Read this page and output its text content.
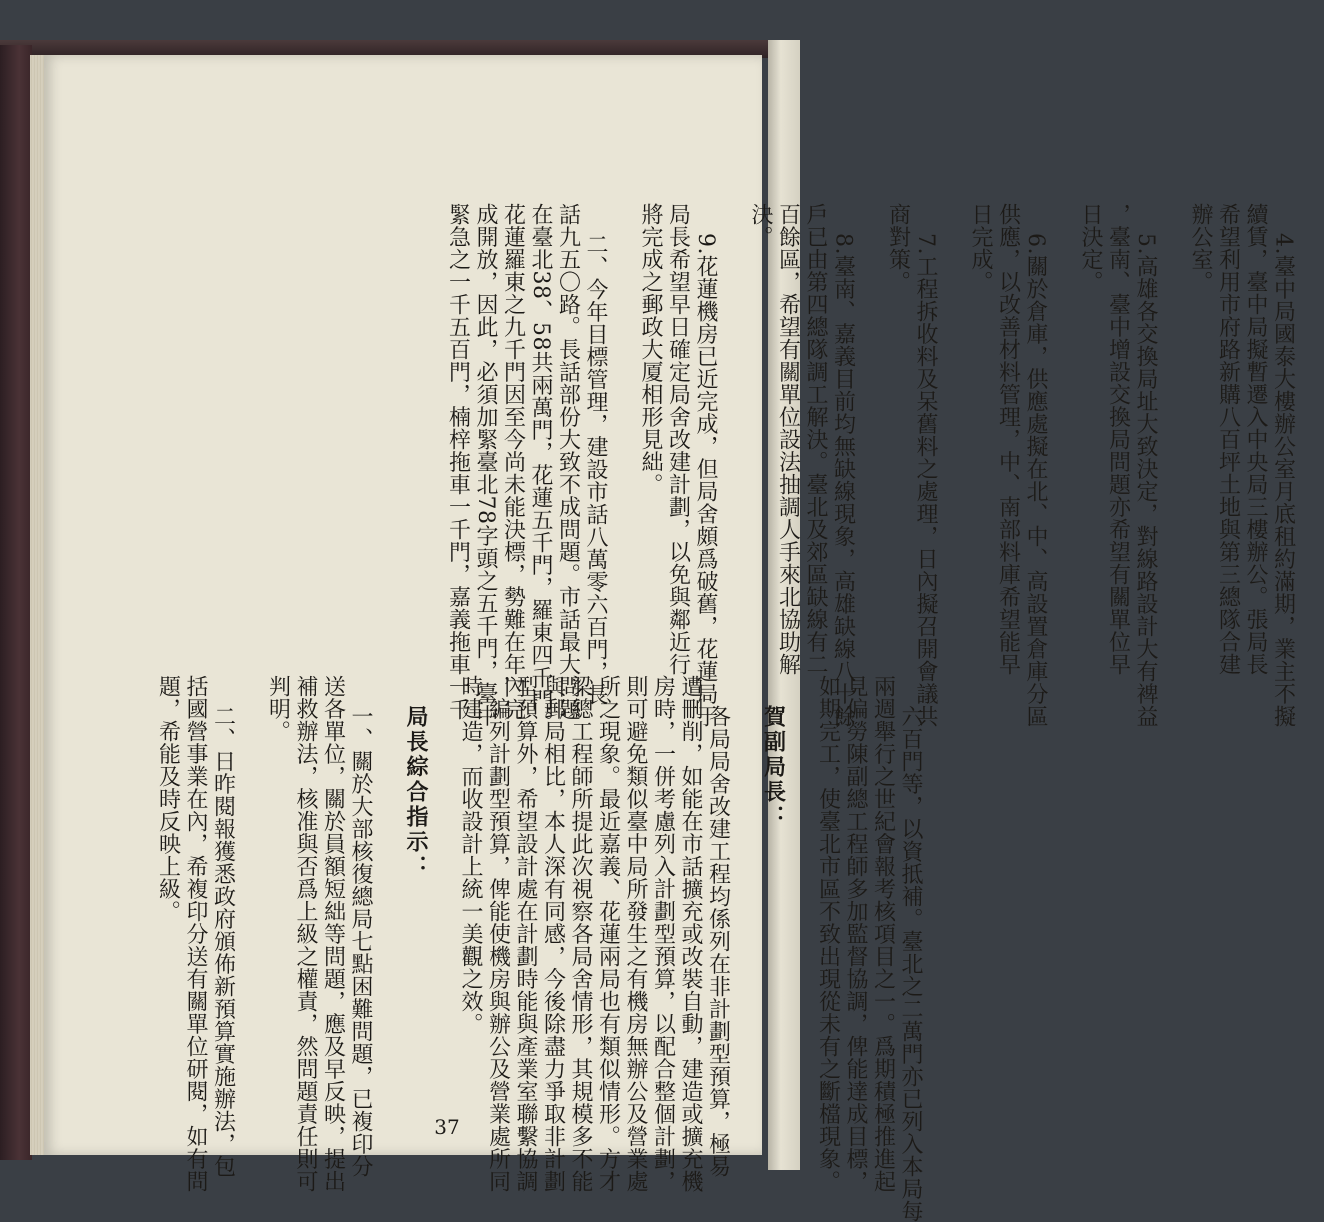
4.臺中局國泰大樓辦公室月底租約滿期，業主不擬
續賃，臺中局擬暫遷入中央局三樓辦公。張局長
希望利用市府路新購八百坪土地與第三總隊合建
辦公室。

5.高雄各交換局址大致決定，對線路設計大有裨益
，臺南、臺中增設交換局問題亦希望有關單位早
日決定。

6.關於倉庫，供應處擬在北、中、高設置倉庫分區
供應，以改善材料管理，中、南部料庫希望能早
日完成。

7.工程拆收料及呆舊料之處理，日內擬召開會議共
商對策。

8.臺南、嘉義目前均無缺線現象，高雄缺線八十餘
戶已由第四總隊調工解決。臺北及郊區缺線有二
百餘區，希望有關單位設法抽調人手來北協助解
決。

9.花蓮機房已近完成，但局舍頗爲破舊，花蓮局于
局長希望早日確定局舍改建計劃，以免與鄰近行
將完成之郵政大厦相形見絀。

二、今年目標管理，建設市話八萬零六百門，長
話九五〇路。長話部份大致不成問題。市話最大問題
在臺北38、58共兩萬門，花蓮五千門，羅東四千門。
花蓮羅東之九千門因至今尚未能決標，勢難在年內完
成開放，因此，必須加緊臺北78字頭之五千門，臺中
緊急之一千五百門，楠梓拖車一千門，嘉義拖車一千

六百門等，以資抵補。臺北之二萬門亦已列入本局每
兩週舉行之世紀會報考核項目之一。爲期積極推進起
見偏勞陳副總工程師多加監督協調，俾能達成目標，
如期完工，使臺北市區不致出現從未有之斷檔現象。

賀副局長：

各局局舍改建工程均係列在非計劃型預算，極易
遭刪削，如能在市話擴充或改裝自動，建造或擴充機
房時，一併考慮列入計劃型預算，以配合整個計劃，
則可避免類似臺中局所發生之有機房無辦公及營業處
所之現象。最近嘉義、花蓮兩局也有類似情形。方才
梁總工程師所提此次視察各局舍情形，其規模多不能
與郵局相比，本人深有同感，今後除盡力爭取非計劃
型預算外，希望設計處在計劃時能與產業室聯繫協調
，編列計劃型預算，俾能使機房與辦公及營業處所同
時建造，而收設計上統一美觀之效。

局長綜合指示：

一、關於大部核復總局七點困難問題，已複印分
送各單位，關於員額短絀等問題，應及早反映，提出
補救辦法，核准與否爲上級之權責，然問題責任則可
判明。

二、日昨閱報獲悉政府頒佈新預算實施辦法，包
括國營事業在內，希複印分送有關單位研閱，如有問
題，希能及時反映上級。

37
